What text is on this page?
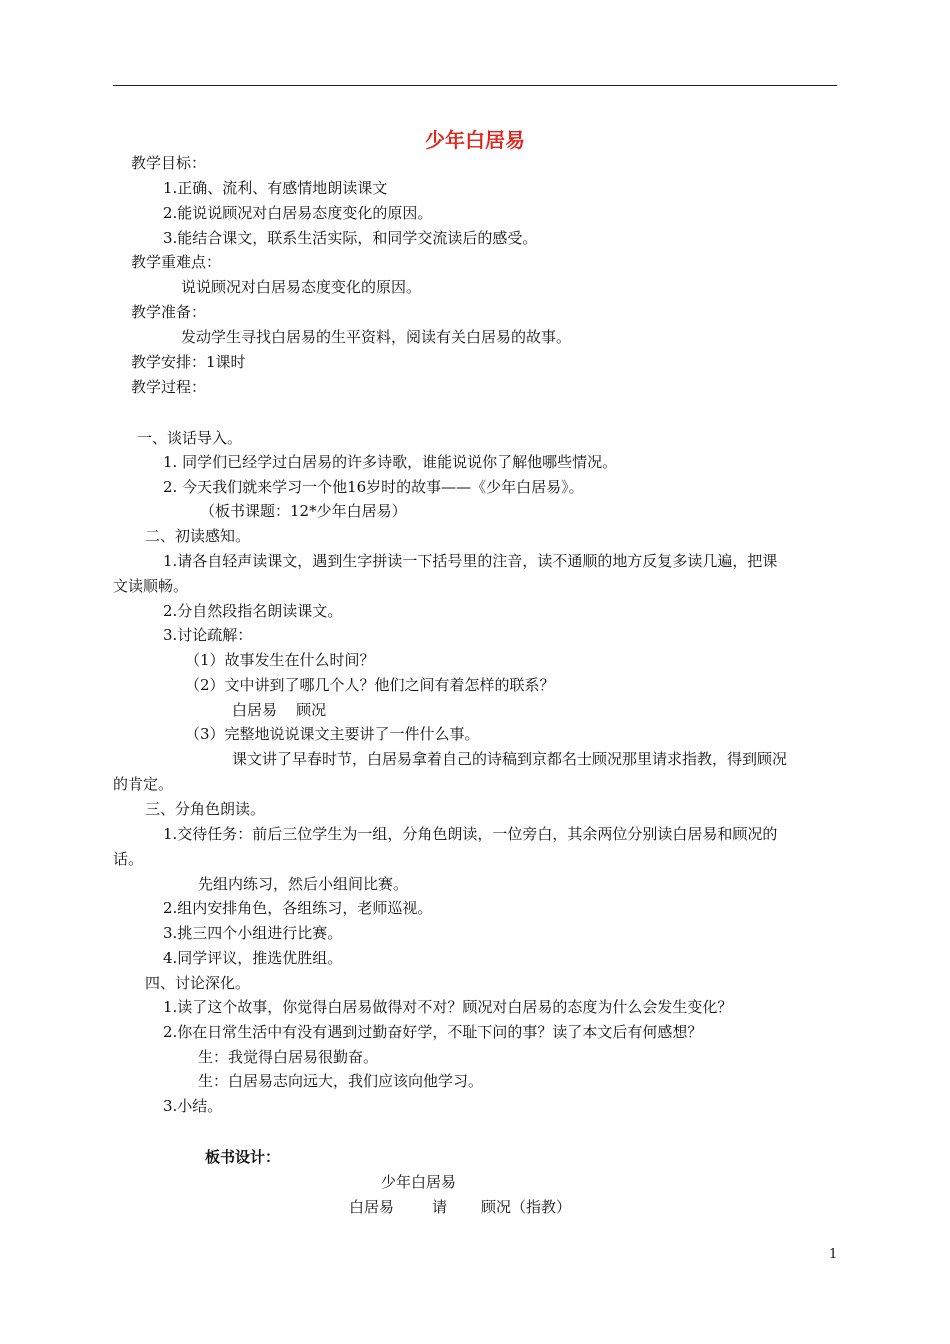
少年白居易
教学目标：
1.正确、流利、有感情地朗读课文
2.能说说顾况对白居易态度变化的原因。
3.能结合课文，联系生活实际，和同学交流读后的感受。
教学重难点：
说说顾况对白居易态度变化的原因。
教学准备：
发动学生寻找白居易的生平资料，阅读有关白居易的故事。
教学安排：1课时
教学过程：
一、谈话导入。
1. 同学们已经学过白居易的许多诗歌，谁能说说你了解他哪些情况。
2. 今天我们就来学习一个他16岁时的故事——《少年白居易》。
（板书课题：12*少年白居易）
二、初读感知。
1.请各自轻声读课文，遇到生字拼读一下括号里的注音，读不通顺的地方反复多读几遍，把课
文读顺畅。
2.分自然段指名朗读课文。
3.讨论疏解：
（1）故事发生在什么时间？
（2）文中讲到了哪几个人？他们之间有着怎样的联系？
白居易    顾况
（3）完整地说说课文主要讲了一件什么事。
课文讲了早春时节，白居易拿着自己的诗稿到京都名士顾况那里请求指教，得到顾况
的肯定。
三、分角色朗读。
1.交待任务：前后三位学生为一组，分角色朗读，一位旁白，其余两位分别读白居易和顾况的
话。
先组内练习，然后小组间比赛。
2.组内安排角色，各组练习，老师巡视。
3.挑三四个小组进行比赛。
4.同学评议，推选优胜组。
四、讨论深化。
1.读了这个故事，你觉得白居易做得对不对？顾况对白居易的态度为什么会发生变化？
2.你在日常生活中有没有遇到过勤奋好学，不耻下问的事？读了本文后有何感想？
生：我觉得白居易很勤奋。
生：白居易志向远大，我们应该向他学习。
3.小结。
板书设计：
少年白居易
白居易	请 顾况（指教）
1
